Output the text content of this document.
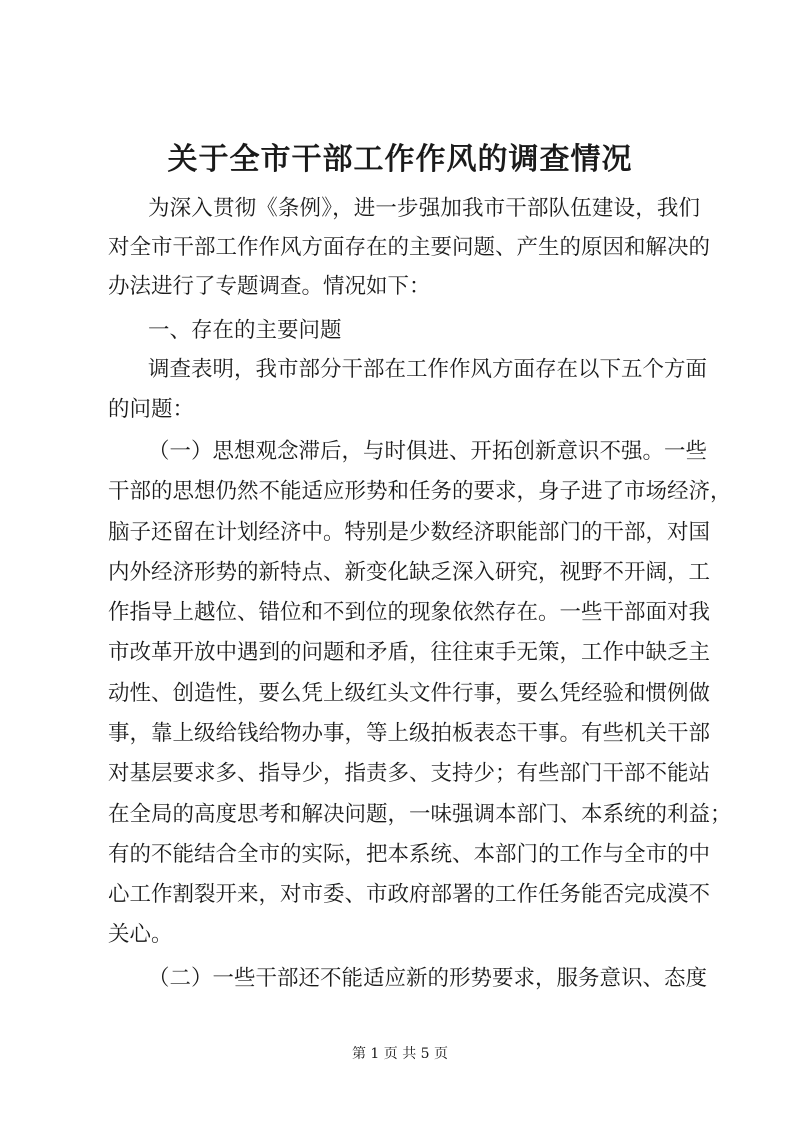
关于全市干部工作作风的调查情况
为深入贯彻《条例》，进一步强加我市干部队伍建设，我们
对全市干部工作作风方面存在的主要问题、产生的原因和解决的
办法进行了专题调查。情况如下：
一、存在的主要问题
调查表明，我市部分干部在工作作风方面存在以下五个方面
的问题：
（一）思想观念滞后，与时俱进、开拓创新意识不强。一些
干部的思想仍然不能适应形势和任务的要求，身子进了市场经济，
脑子还留在计划经济中。特别是少数经济职能部门的干部，对国
内外经济形势的新特点、新变化缺乏深入研究，视野不开阔，工
作指导上越位、错位和不到位的现象依然存在。一些干部面对我
市改革开放中遇到的问题和矛盾，往往束手无策，工作中缺乏主
动性、创造性，要么凭上级红头文件行事，要么凭经验和惯例做
事，靠上级给钱给物办事，等上级拍板表态干事。有些机关干部
对基层要求多、指导少，指责多、支持少；有些部门干部不能站
在全局的高度思考和解决问题，一味强调本部门、本系统的利益；
有的不能结合全市的实际，把本系统、本部门的工作与全市的中
心工作割裂开来，对市委、市政府部署的工作任务能否完成漠不
关心。
（二）一些干部还不能适应新的形势要求，服务意识、态度
第 1 页 共 5 页
